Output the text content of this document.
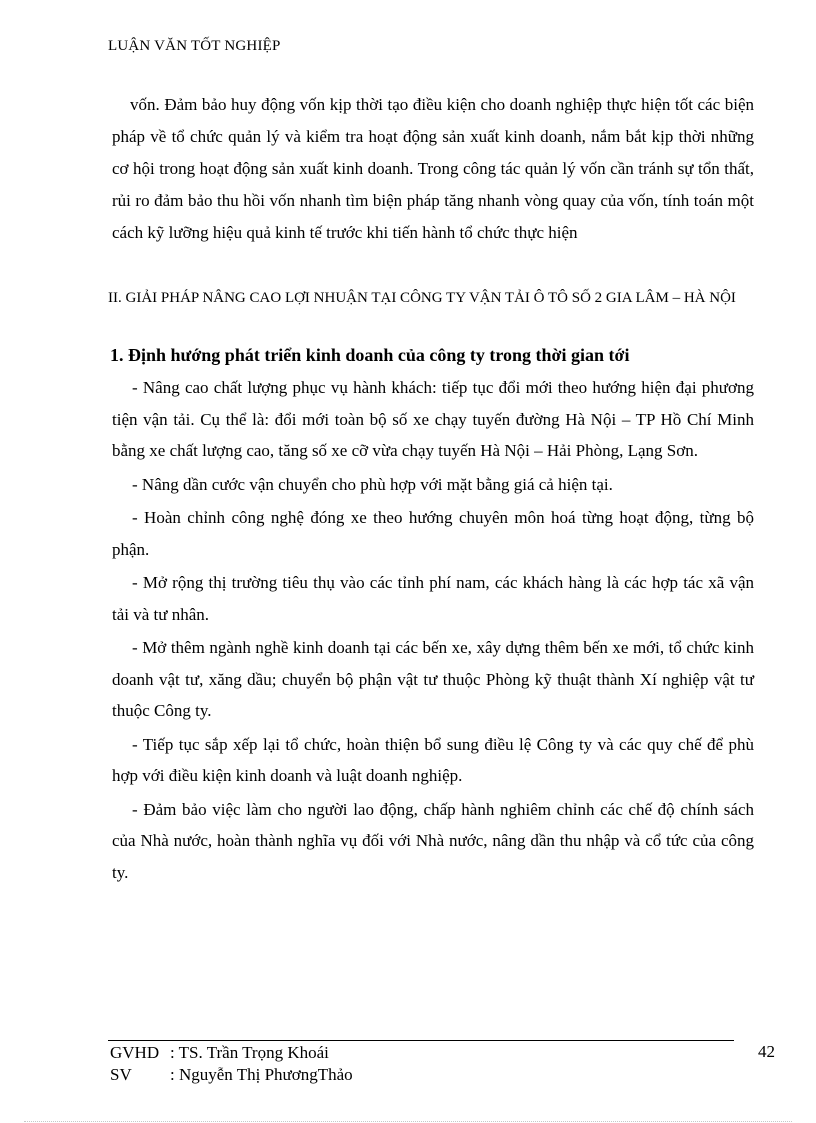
LUẬN VĂN TỐT NGHIỆP

vốn. Đảm bảo huy động vốn kịp thời tạo điều kiện cho doanh nghiệp thực hiện tốt các biện pháp về tổ chức quản lý và kiểm tra hoạt động sản xuất kinh doanh, nắm bắt kịp thời những cơ hội trong hoạt động sản xuất kinh doanh. Trong công tác quản lý vốn cần tránh sự tổn thất, rủi ro đảm bảo thu hồi vốn nhanh tìm biện pháp tăng nhanh vòng quay của vốn, tính toán một cách kỹ lưỡng hiệu quả kinh tế trước khi tiến hành tổ chức thực hiện

II. GIẢI PHÁP NÂNG CAO LỢI NHUẬN TẠI CÔNG TY VẬN TẢI Ô TÔ SỐ 2 GIA LÂM – HÀ NỘI
1. Định hướng phát triển kinh doanh của công ty trong thời gian tới

- Nâng cao chất lượng phục vụ hành khách: tiếp tục đổi mới theo hướng hiện đại phương tiện vận tải. Cụ thể là: đổi mới toàn bộ số xe chạy tuyến đường Hà Nội – TP Hồ Chí Minh bằng xe chất lượng cao, tăng số xe cỡ vừa chạy tuyến Hà Nội – Hải Phòng, Lạng Sơn.

- Nâng dần cước vận chuyển cho phù hợp với mặt bằng giá cả hiện tại.

- Hoàn chỉnh công nghệ đóng xe theo hướng chuyên môn hoá từng hoạt động, từng bộ phận.

- Mở rộng thị trường tiêu thụ vào các tỉnh phí nam, các khách hàng là các hợp tác xã vận tải và tư nhân.

- Mở thêm ngành nghề kinh doanh tại các bến xe, xây dựng thêm bến xe mới, tổ chức kinh doanh vật tư, xăng dầu; chuyển bộ phận vật tư thuộc Phòng kỹ thuật thành Xí nghiệp vật tư thuộc Công ty.

- Tiếp tục sắp xếp lại tổ chức, hoàn thiện bổ sung điều lệ Công ty và các quy chế để phù hợp với điều kiện kinh doanh và luật doanh nghiệp.

- Đảm bảo việc làm cho người lao động, chấp hành nghiêm chỉnh các chế độ chính sách của Nhà nước, hoàn thành nghĩa vụ đối với Nhà nước, nâng dần thu nhập và cổ tức của công ty.

GVHD : TS. Trần Trọng Khoái
SV : Nguyễn Thị PhươngThảo
42
